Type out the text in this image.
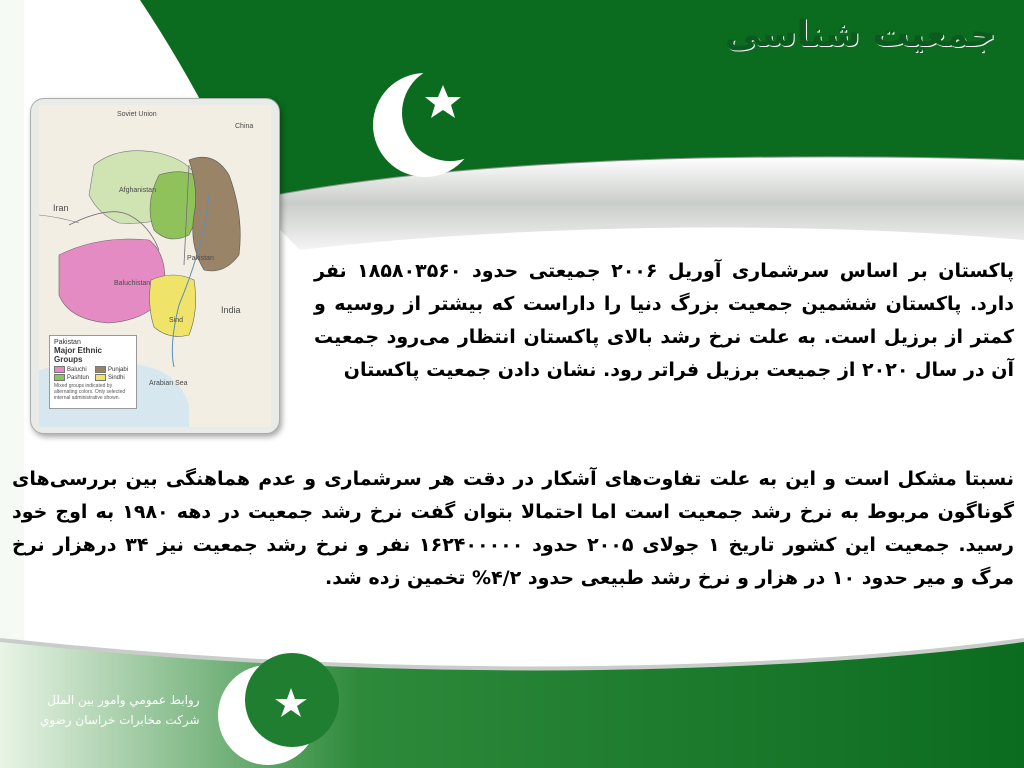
جمعیت شناسی
Soviet Union
China
Afghanistan
Iran
Pakistan
Baluchistan
India
Sind
Arabian Sea
Pakistan
Major Ethnic Groups
Baluchi	Punjabi
Pashtun	Sindhi
Mixed groups indicated by alternating colors. Only selected internal administrative shown.

پاکستان بر اساس سرشماری آوریل ۲۰۰۶ جمیعتی حدود ۱۸۵۸۰۳۵۶۰ نفر دارد. پاکستان ششمین جمعیت بزرگ دنیا را داراست که بیشتر از روسیه و کمتر از برزیل است. به علت نرخ رشد بالای پاکستان انتظار می‌رود جمعیت آن در سال ۲۰۲۰ از جمیعت برزیل فراتر رود. نشان دادن جمعیت پاکستان

نسبتا مشکل است و این به علت تفاوت‌های آشکار در دقت هر سرشماری و عدم هماهنگی بین بررسی‌های گوناگون مربوط به نرخ رشد جمعیت است اما احتمالا بتوان گفت نرخ رشد جمعیت در دهه ۱۹۸۰ به اوج خود رسید. جمعیت این کشور تاریخ ۱ جولای ۲۰۰۵ حدود ۱۶۲۴۰۰۰۰۰ نفر و نرخ رشد جمعیت نیز ۳۴ درهزار نرخ مرگ و میر حدود ۱۰ در هزار و نرخ رشد طبیعی حدود ۴/۲% تخمین زده شد.

روابط عمومي وامور بين الملل
شركت مخابرات خراسان رضوي
